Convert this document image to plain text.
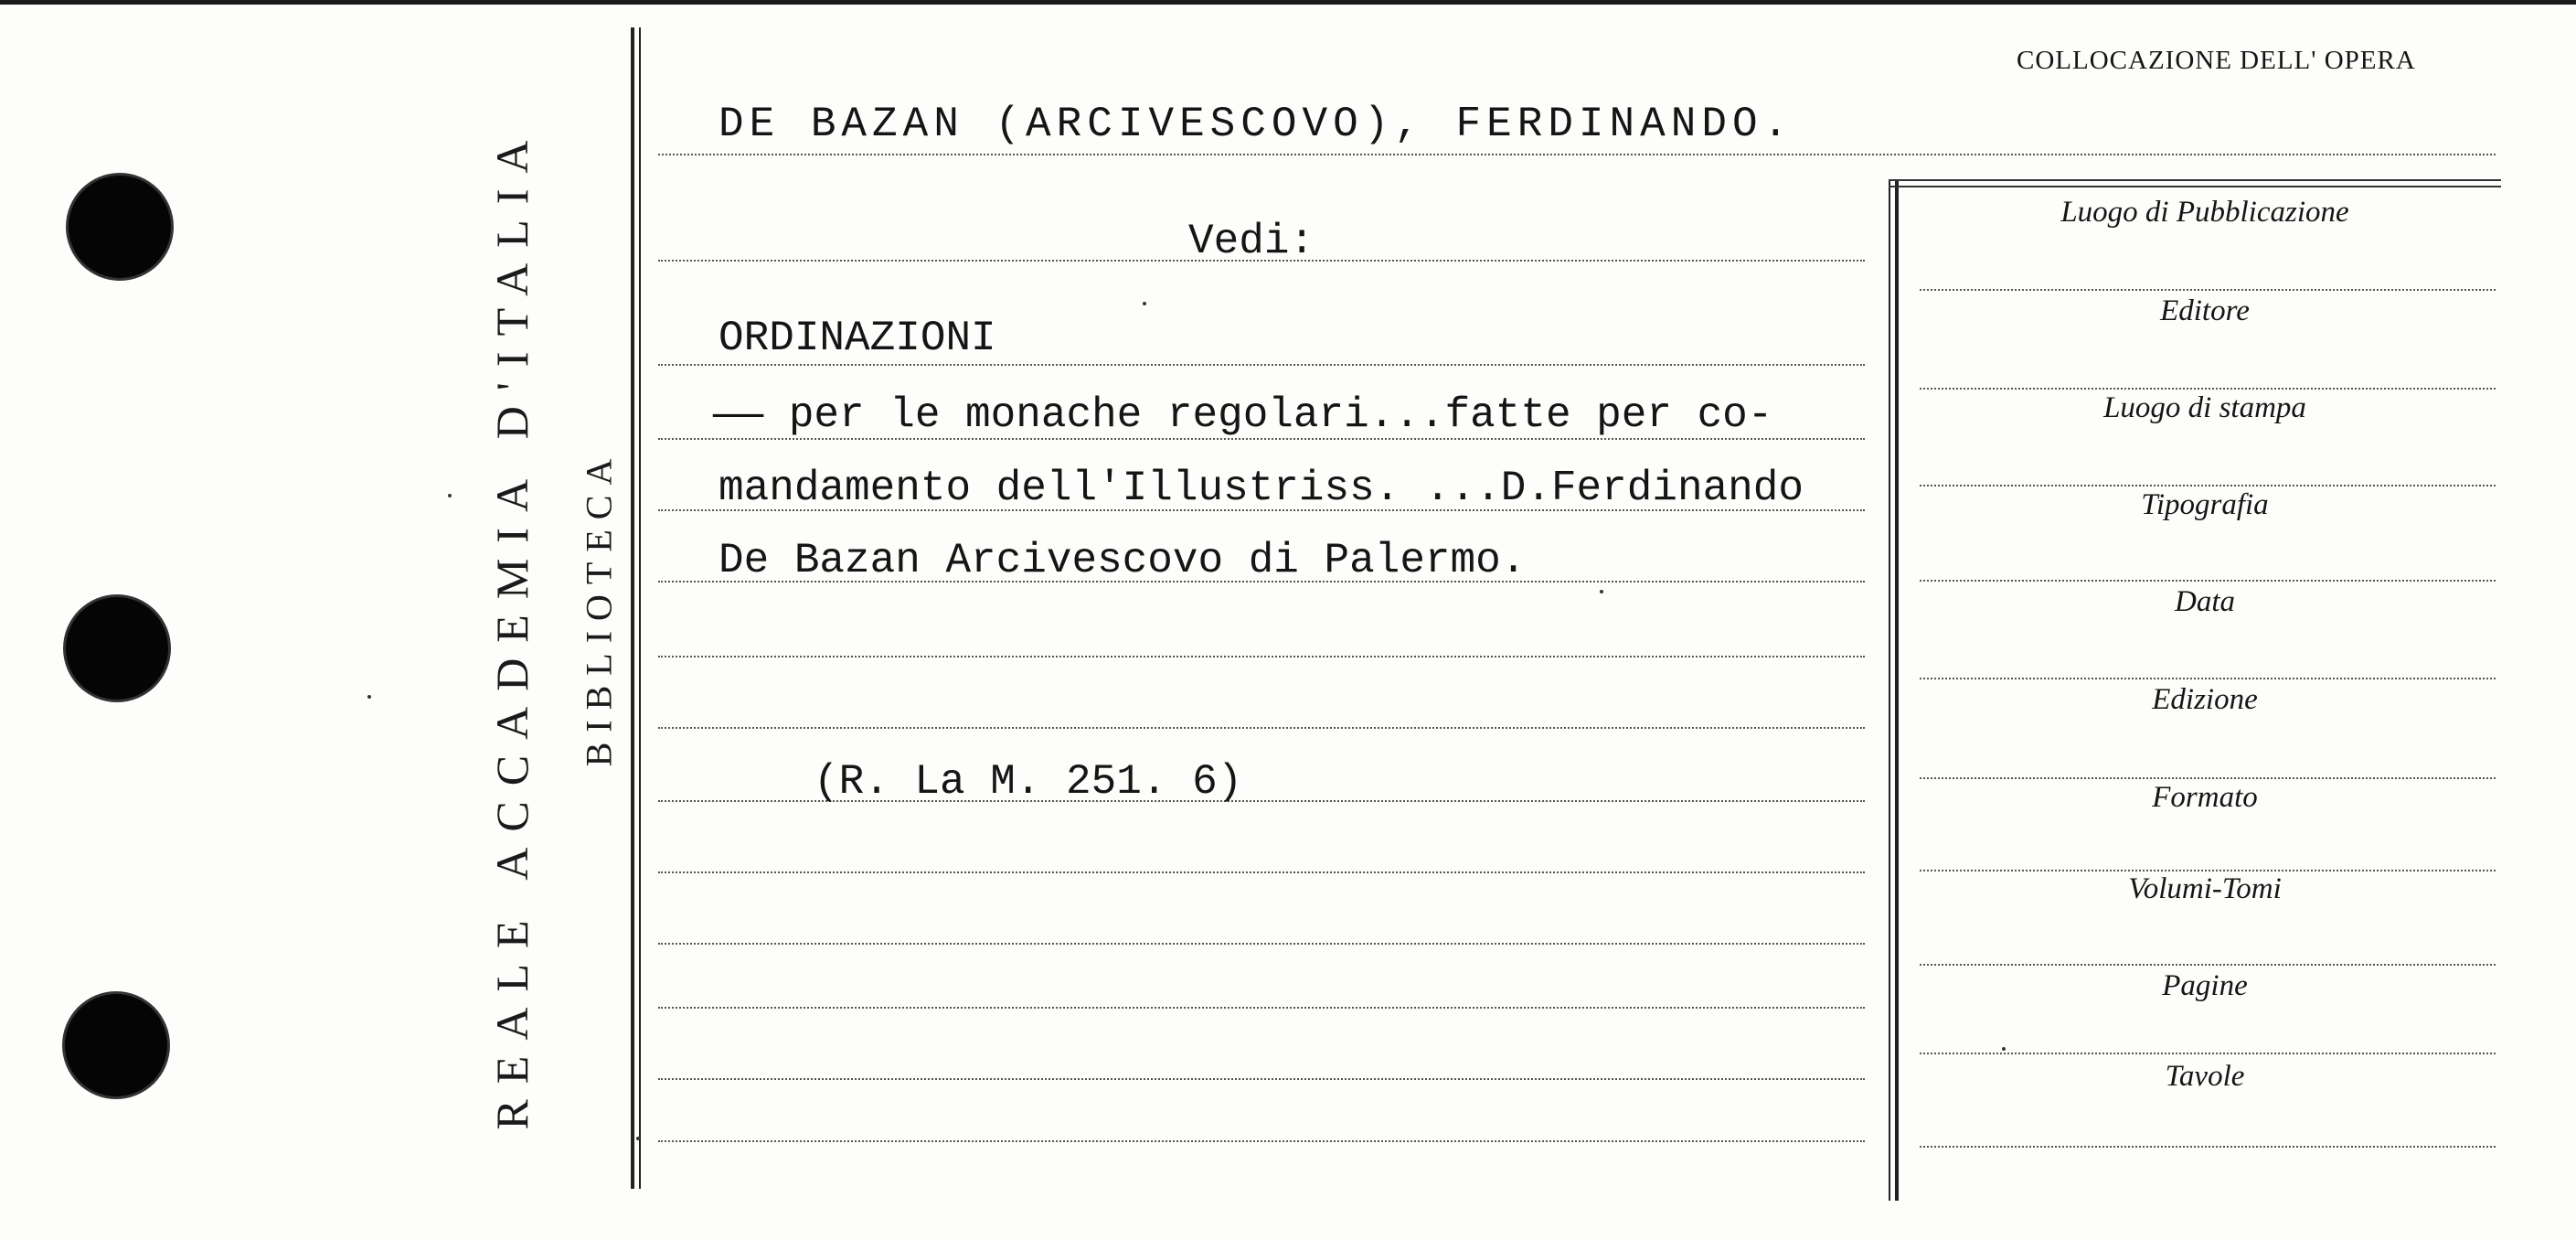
REALE ACCADEMIA D'ITALIA BIBLIOTECA
COLLOCAZIONE DELL' OPERA
DE BAZAN (ARCIVESCOVO), FERDINANDO.
Vedi:
ORDINAZIONI
—— per le monache regolari...fatte per co-
mandamento dell'Illustriss. ...D.Ferdinando
De Bazan Arcivescovo di Palermo.
(R. La M. 251. 6)
Luogo di Pubblicazione
Editore
Luogo di stampa
Tipografia
Data
Edizione
Formato
Volumi-Tomi
Pagine
Tavole
